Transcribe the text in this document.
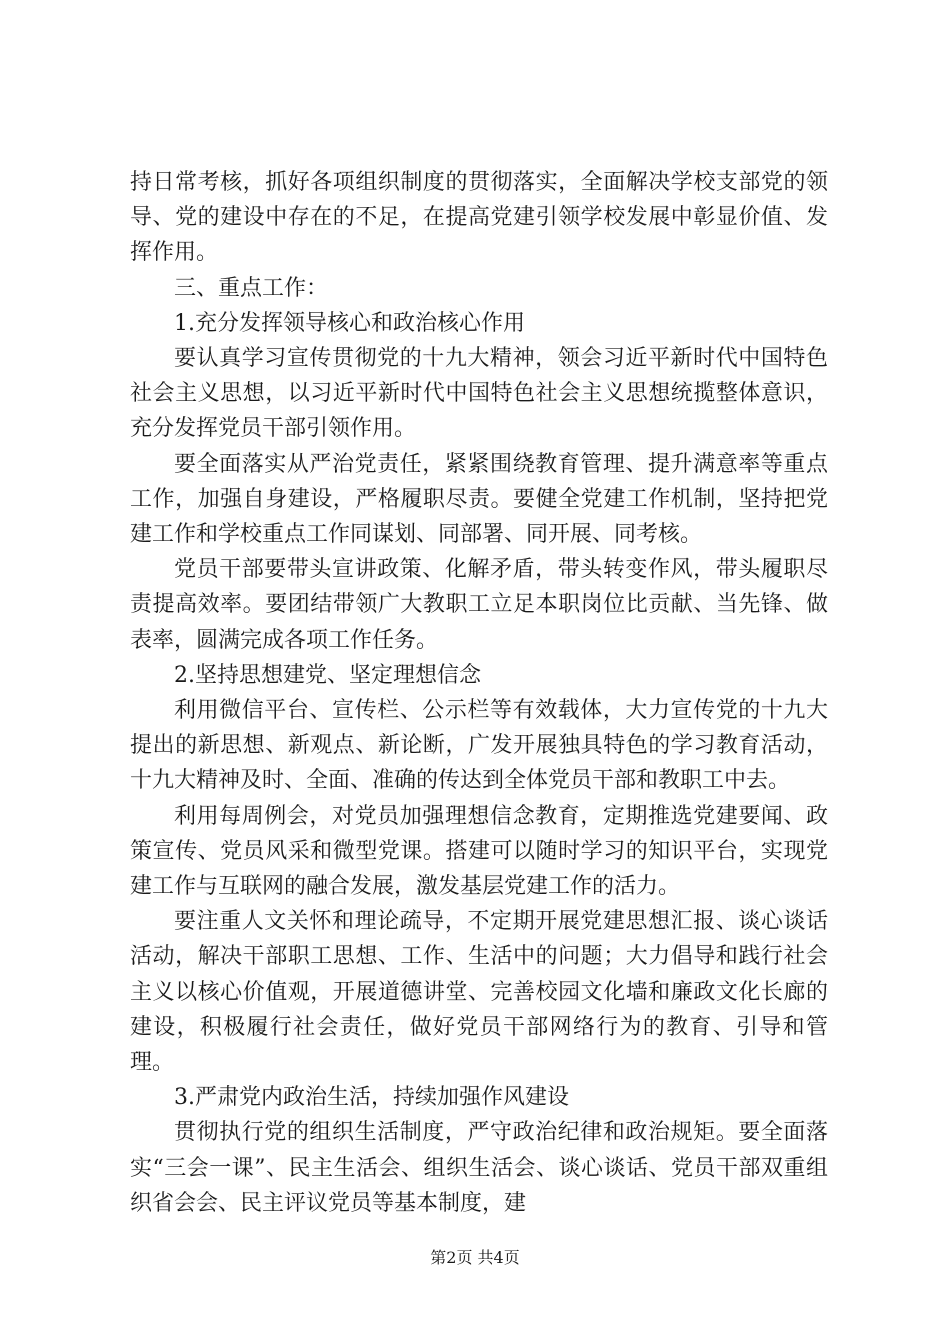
持日常考核，抓好各项组织制度的贯彻落实，全面解决学校支部党的领导、党的建设中存在的不足，在提高党建引领学校发展中彰显价值、发挥作用。

三、重点工作：

1.充分发挥领导核心和政治核心作用

要认真学习宣传贯彻党的十九大精神，领会习近平新时代中国特色社会主义思想，以习近平新时代中国特色社会主义思想统揽整体意识，充分发挥党员干部引领作用。

要全面落实从严治党责任，紧紧围绕教育管理、提升满意率等重点工作，加强自身建设，严格履职尽责。要健全党建工作机制，坚持把党建工作和学校重点工作同谋划、同部署、同开展、同考核。

党员干部要带头宣讲政策、化解矛盾，带头转变作风，带头履职尽责提高效率。要团结带领广大教职工立足本职岗位比贡献、当先锋、做表率，圆满完成各项工作任务。

2.坚持思想建党、坚定理想信念

利用微信平台、宣传栏、公示栏等有效载体，大力宣传党的十九大提出的新思想、新观点、新论断，广发开展独具特色的学习教育活动，十九大精神及时、全面、准确的传达到全体党员干部和教职工中去。

利用每周例会，对党员加强理想信念教育，定期推选党建要闻、政策宣传、党员风采和微型党课。搭建可以随时学习的知识平台，实现党建工作与互联网的融合发展，激发基层党建工作的活力。

要注重人文关怀和理论疏导，不定期开展党建思想汇报、谈心谈话活动，解决干部职工思想、工作、生活中的问题；大力倡导和践行社会主义以核心价值观，开展道德讲堂、完善校园文化墙和廉政文化长廊的建设，积极履行社会责任，做好党员干部网络行为的教育、引导和管理。

3.严肃党内政治生活，持续加强作风建设

贯彻执行党的组织生活制度，严守政治纪律和政治规矩。要全面落实“三会一课”、民主生活会、组织生活会、谈心谈话、党员干部双重组织省会会、民主评议党员等基本制度，建

第2页 共4页
